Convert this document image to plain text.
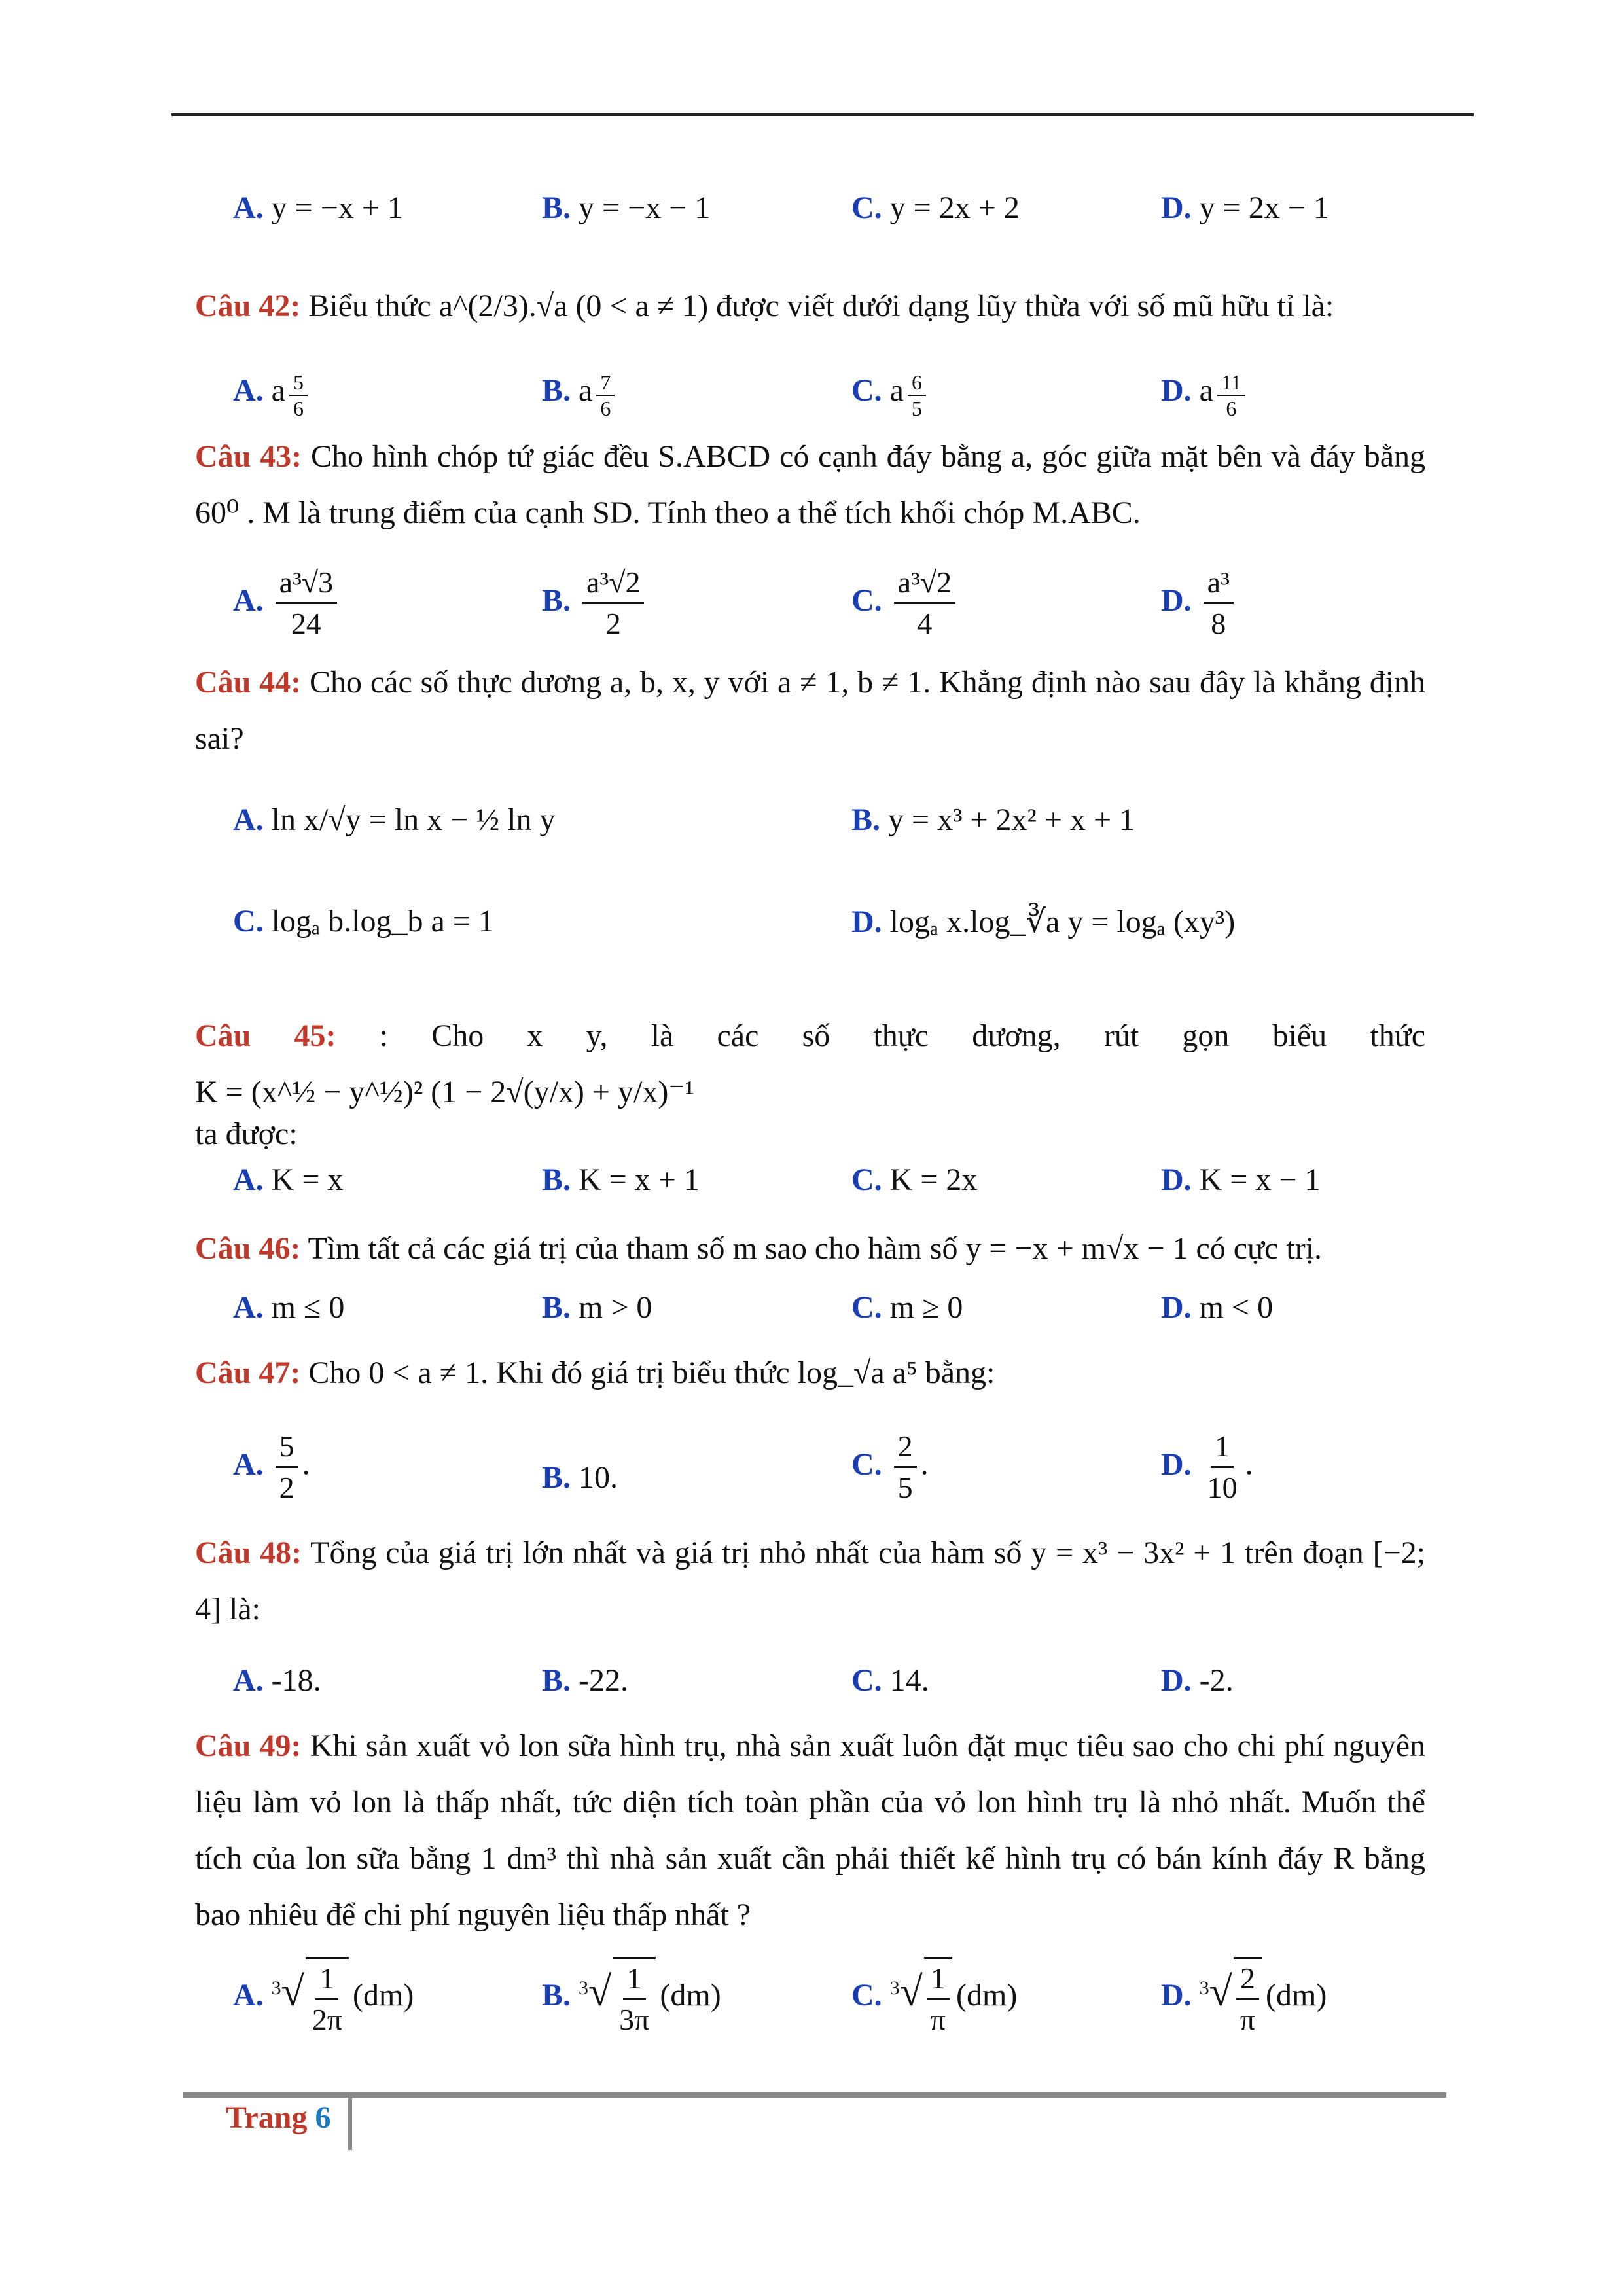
A. y = −x + 1	B. y = −x − 1	C. y = 2x + 2	D. y = 2x − 1
Câu 42: Biểu thức a^(2/3).√a (0 < a ≠ 1) được viết dưới dạng lũy thừa với số mũ hữu tỉ là:
A. a $\frac{5}{6}$	B. a $\frac{7}{6}$	C. a $\frac{6}{5}$	D. a $\frac{11}{6}$
Câu 43: Cho hình chóp tứ giác đều S.ABCD có cạnh đáy bằng a, góc giữa mặt bên và đáy bằng 60⁰ . M là trung điểm của cạnh SD. Tính theo a thể tích khối chóp M.ABC.
A. $\frac{\text{a³√3}}{24}$	B. $\frac{\text{a³√2}}{2}$	C. $\frac{\text{a³√2}}{4}$	D. $\frac{\text{a³}}{8}$
Câu 44: Cho các số thực dương a, b, x, y với a ≠ 1, b ≠ 1. Khẳng định nào sau đây là khẳng định sai?
A. ln x/√y = ln x − ½ ln y	B. y = x³ + 2x² + x + 1
C. logₐ b.log_b a = 1	D. logₐ x.log_∛a y = logₐ (xy³)
Câu 45: : Cho x y, là các số thực dương, rút gọn biểu thức K = (x^½ − y^½)² (1 − 2√(y/x) + y/x)⁻¹
ta được:
A. K = x	B. K = x + 1	C. K = 2x	D. K = x − 1
Câu 46: Tìm tất cả các giá trị của tham số m sao cho hàm số y = −x + m√x − 1 có cực trị.
A. m ≤ 0	B. m > 0	C. m ≥ 0	D. m < 0
Câu 47: Cho 0 < a ≠ 1. Khi đó giá trị biểu thức log_√a a⁵ bằng:
A. $\frac{5}{2}$ .	B. 10.	C. $\frac{2}{5}$ .	D. $\frac{1}{10}$ .
Câu 48: Tổng của giá trị lớn nhất và giá trị nhỏ nhất của hàm số y = x³ − 3x² + 1 trên đoạn [−2; 4] là:
A. -18.	B. -22.	C. 14.	D. -2.
Câu 49: Khi sản xuất vỏ lon sữa hình trụ, nhà sản xuất luôn đặt mục tiêu sao cho chi phí nguyên liệu làm vỏ lon là thấp nhất, tức diện tích toàn phần của vỏ lon hình trụ là nhỏ nhất. Muốn thể tích của lon sữa bằng 1 dm³ thì nhà sản xuất cần phải thiết kế hình trụ có bán kính đáy R bằng bao nhiêu để chi phí nguyên liệu thấp nhất ?
A. $^3√ \frac{1}{2\pi} (dm)$	B. $^3√ \frac{1}{3\pi} (dm)$	C. $^3√ \frac{1}{\pi} (dm)$	D. $^3√ \frac{2}{\pi} (dm)$
Trang 6
